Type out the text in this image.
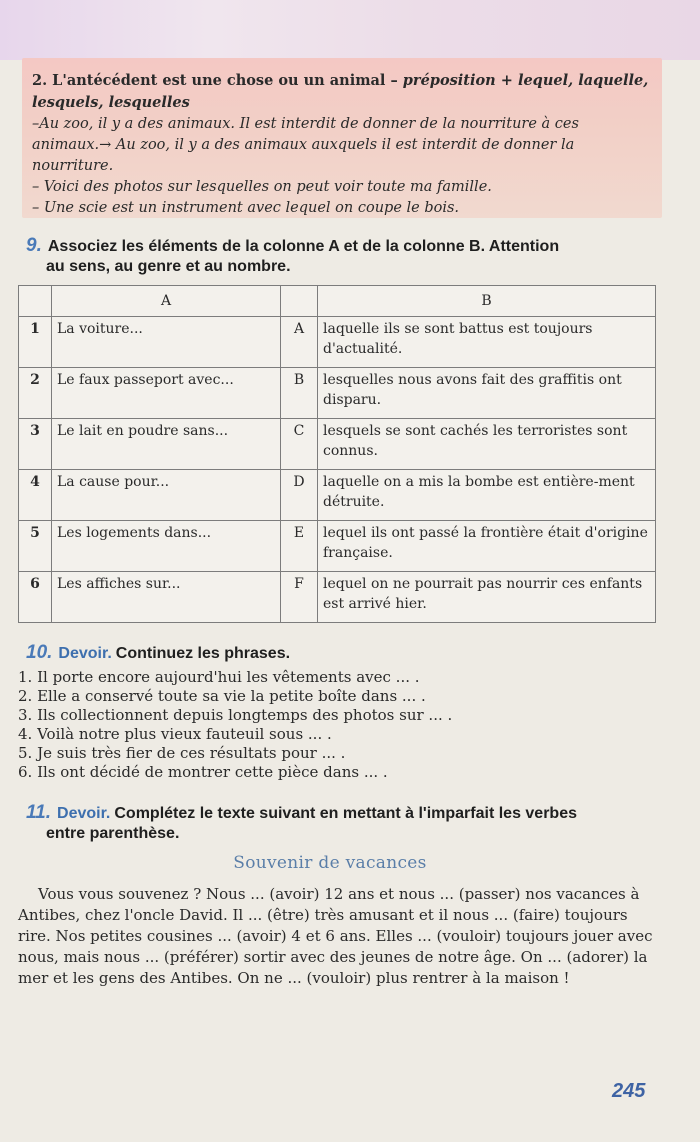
2. L'antécédent est une chose ou un animal – préposition + lequel, laquelle, lesquels, lesquelles

–Au zoo, il y a des animaux. Il est interdit de donner de la nourriture à ces animaux.→ Au zoo, il y a des animaux auxquels il est interdit de donner la nourriture.

– Voici des photos sur lesquelles on peut voir toute ma famille.

– Une scie est un instrument avec lequel on coupe le bois.

9. Associez les éléments de la colonne A et de la colonne B. Attention
au sens, au genre et au nombre.
	A		B
1	La voiture...	A	laquelle ils se sont battus est toujours d'actualité.
2	Le faux passeport avec...	B	lesquelles nous avons fait des graffitis ont disparu.
3	Le lait en poudre sans...	C	lesquels se sont cachés les terroristes sont connus.
4	La cause pour...	D	laquelle on a mis la bombe est entière-ment détruite.
5	Les logements dans...	E	lequel ils ont passé la frontière était d'origine française.
6	Les affiches sur...	F	lequel on ne pourrait pas nourrir ces enfants est arrivé hier.
10. Devoir. Continuez les phrases.
1. Il porte encore aujourd'hui les vêtements avec ... .
2. Elle a conservé toute sa vie la petite boîte dans ... .
3. Ils collectionnent depuis longtemps des photos sur ... .
4. Voilà notre plus vieux fauteuil sous ... .
5. Je suis très fier de ces résultats pour ... .
6. Ils ont décidé de montrer cette pièce dans ... .
11. Devoir. Complétez le texte suivant en mettant à l'imparfait les verbes
entre parenthèse.
Souvenir de vacances

Vous vous souvenez ? Nous ... (avoir) 12 ans et nous ... (passer) nos vacances à Antibes, chez l'oncle David. Il ... (être) très amusant et il nous ... (faire) toujours rire. Nos petites cousines ... (avoir) 4 et 6 ans. Elles ... (vouloir) toujours jouer avec nous, mais nous ... (préférer) sortir avec des jeunes de notre âge. On ... (adorer) la mer et les gens des Antibes. On ne ... (vouloir) plus rentrer à la maison !

245
